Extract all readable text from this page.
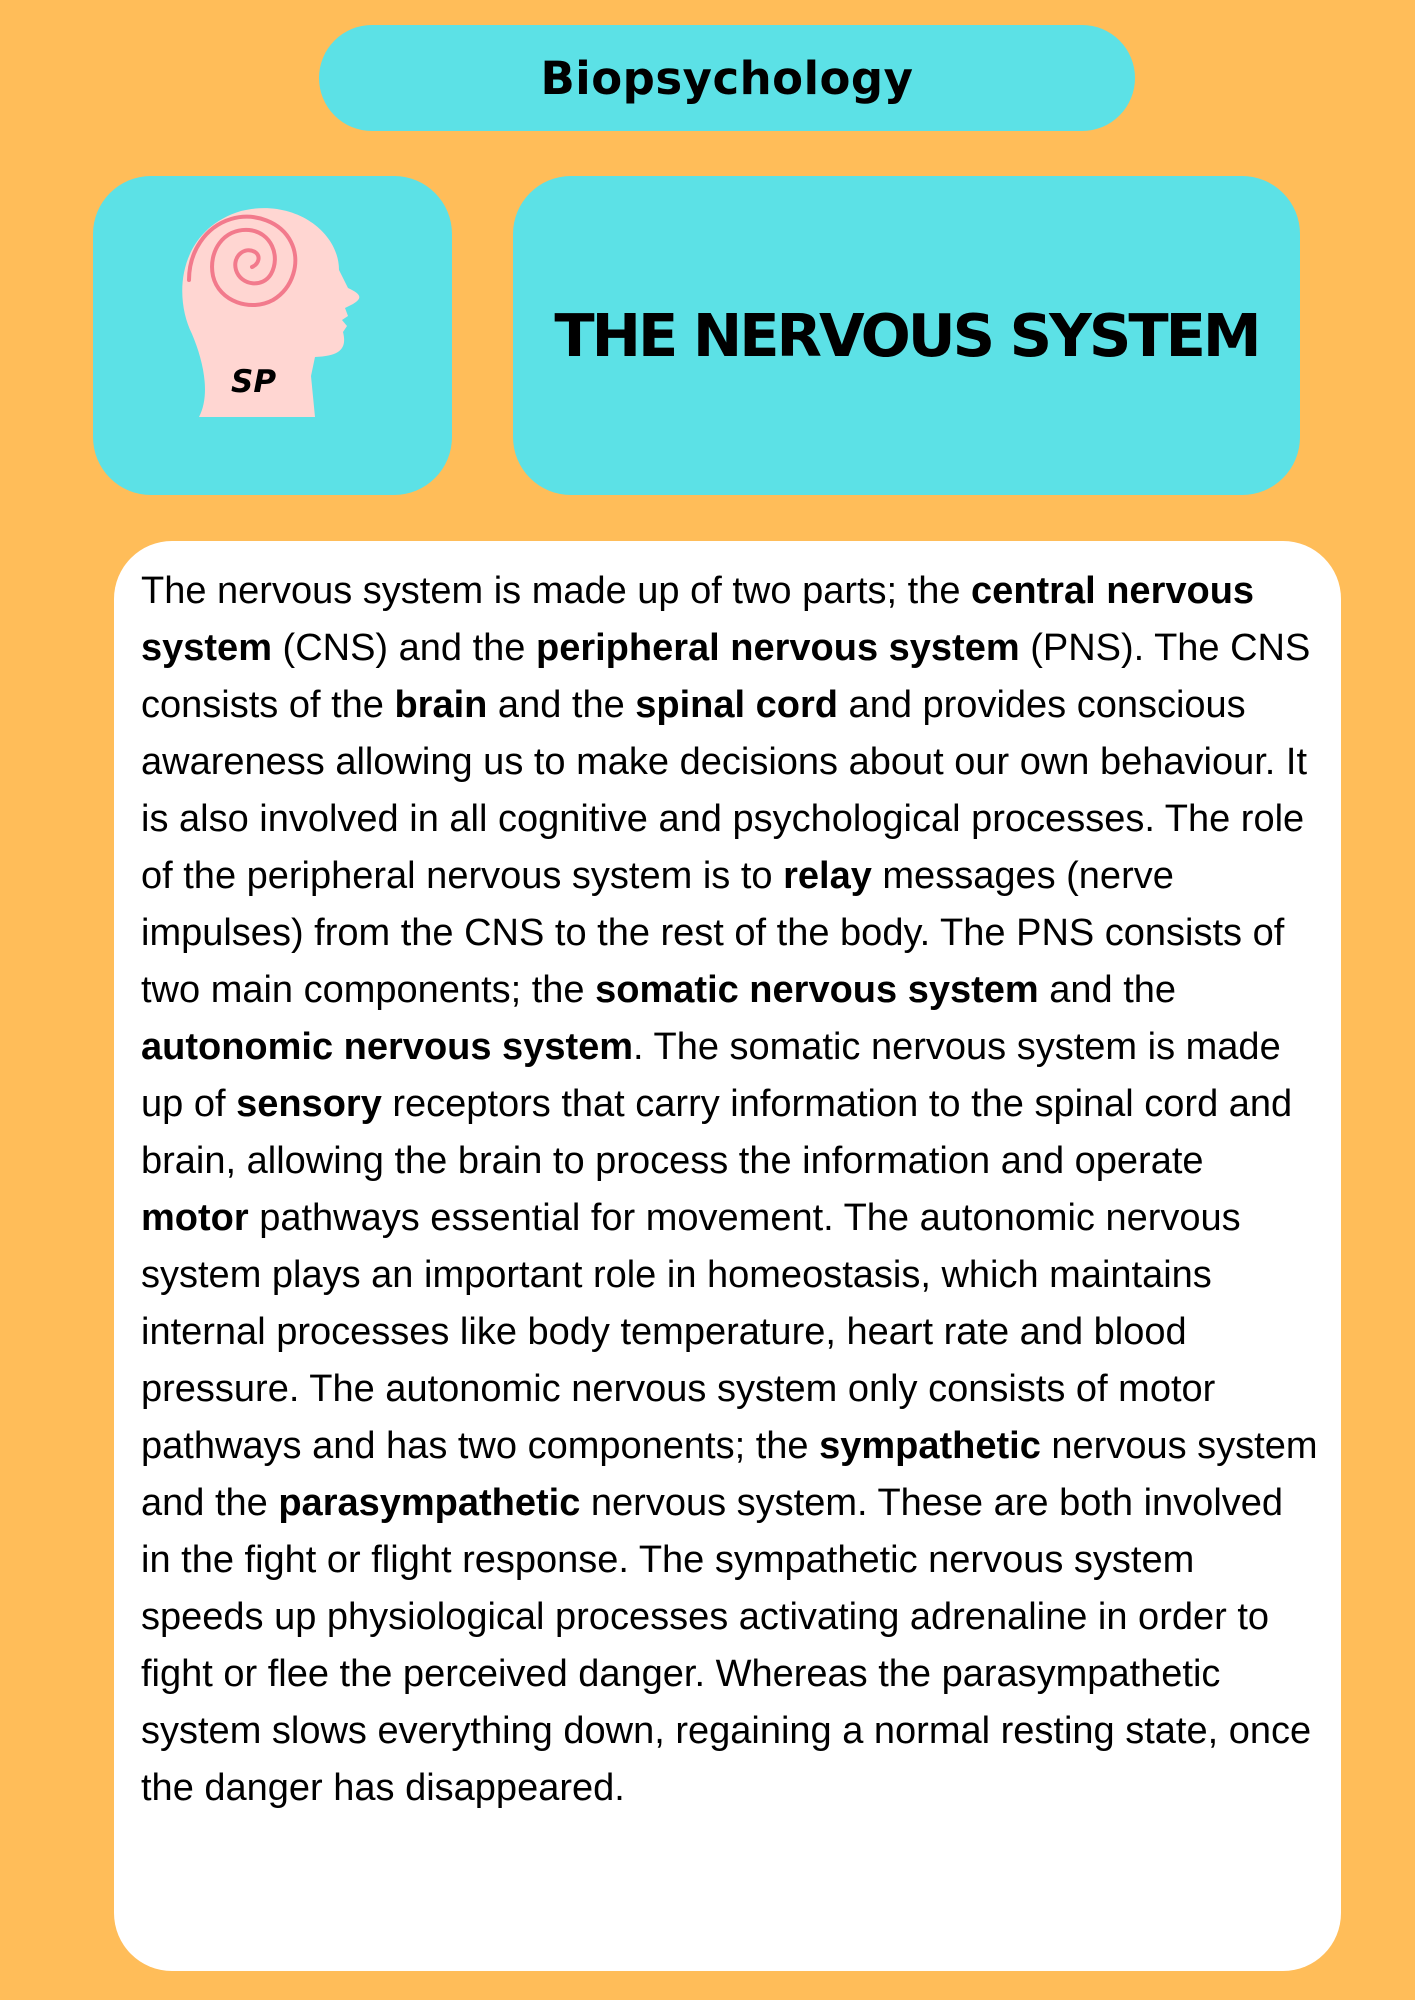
Biopsychology
SP
THE NERVOUS SYSTEM

The nervous system is made up of two parts; the central nervous system (CNS) and the peripheral nervous system (PNS). The CNS consists of the brain and the spinal cord and provides conscious awareness allowing us to make decisions about our own behaviour. It is also involved in all cognitive and psychological processes. The role of the peripheral nervous system is to relay messages (nerve impulses) from the CNS to the rest of the body. The PNS consists of two main components; the somatic nervous system and the autonomic nervous system. The somatic nervous system is made up of sensory receptors that carry information to the spinal cord and brain, allowing the brain to process the information and operate motor pathways essential for movement. The autonomic nervous system plays an important role in homeostasis, which maintains internal processes like body temperature, heart rate and blood pressure. The autonomic nervous system only consists of motor pathways and has two components; the sympathetic nervous system and the parasympathetic nervous system. These are both involved in the fight or flight response. The sympathetic nervous system speeds up physiological processes activating adrenaline in order to fight or flee the perceived danger. Whereas the parasympathetic system slows everything down, regaining a normal resting state, once the danger has disappeared.
